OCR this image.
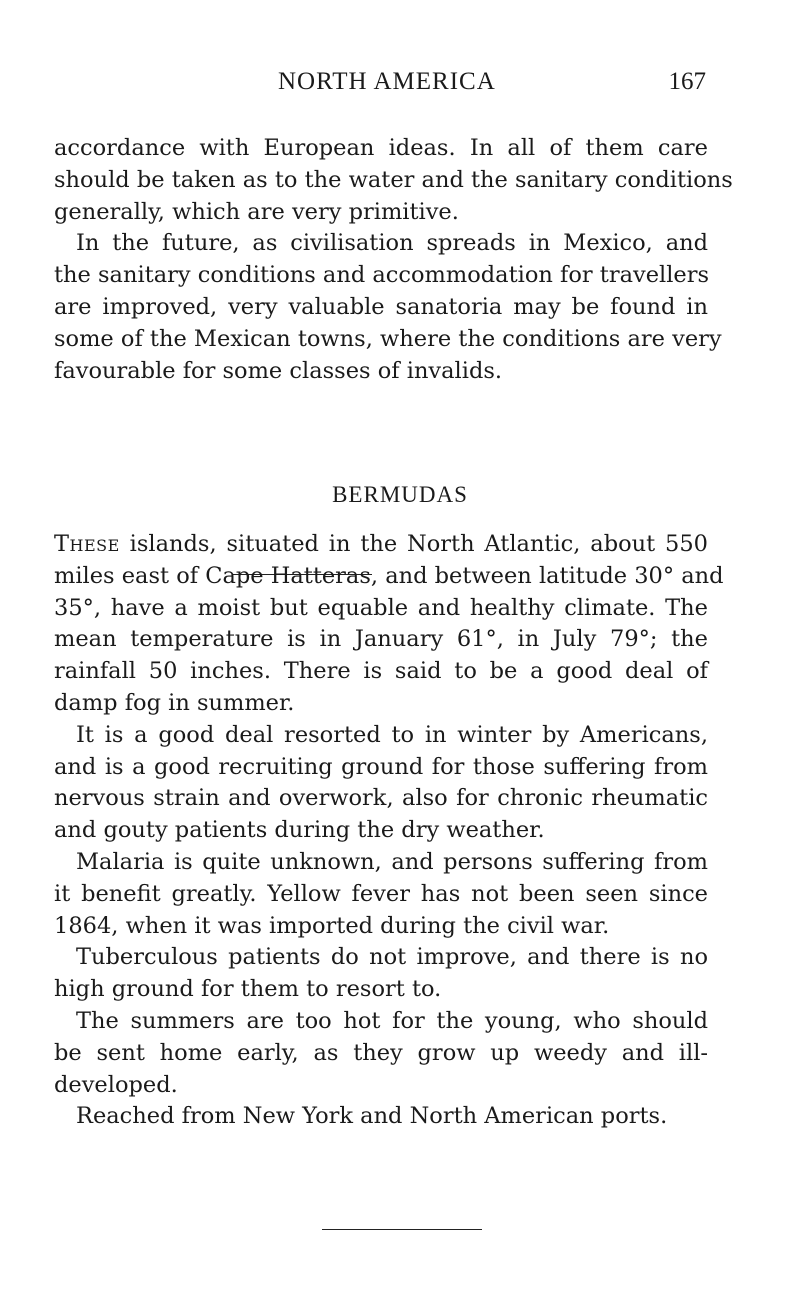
NORTH AMERICA	167
accordance with European ideas. In all of them care
should be taken as to the water and the sanitary conditions
generally, which are very primitive.
In the future, as civilisation spreads in Mexico, and
the sanitary conditions and accommodation for travellers
are improved, very valuable sanatoria may be found in
some of the Mexican towns, where the conditions are very
favourable for some classes of invalids.
BERMUDAS
These islands, situated in the North Atlantic, about 550
miles east of Cape Hatteras, and between latitude 30° and
35°, have a moist but equable and healthy climate. The
mean temperature is in January 61°, in July 79°; the
rainfall 50 inches. There is said to be a good deal of
damp fog in summer.
It is a good deal resorted to in winter by Americans,
and is a good recruiting ground for those suffering from
nervous strain and overwork, also for chronic rheumatic
and gouty patients during the dry weather.
Malaria is quite unknown, and persons suffering from
it benefit greatly. Yellow fever has not been seen since
1864, when it was imported during the civil war.
Tuberculous patients do not improve, and there is no
high ground for them to resort to.
The summers are too hot for the young, who should
be sent home early, as they grow up weedy and ill-
developed.
Reached from New York and North American ports.
